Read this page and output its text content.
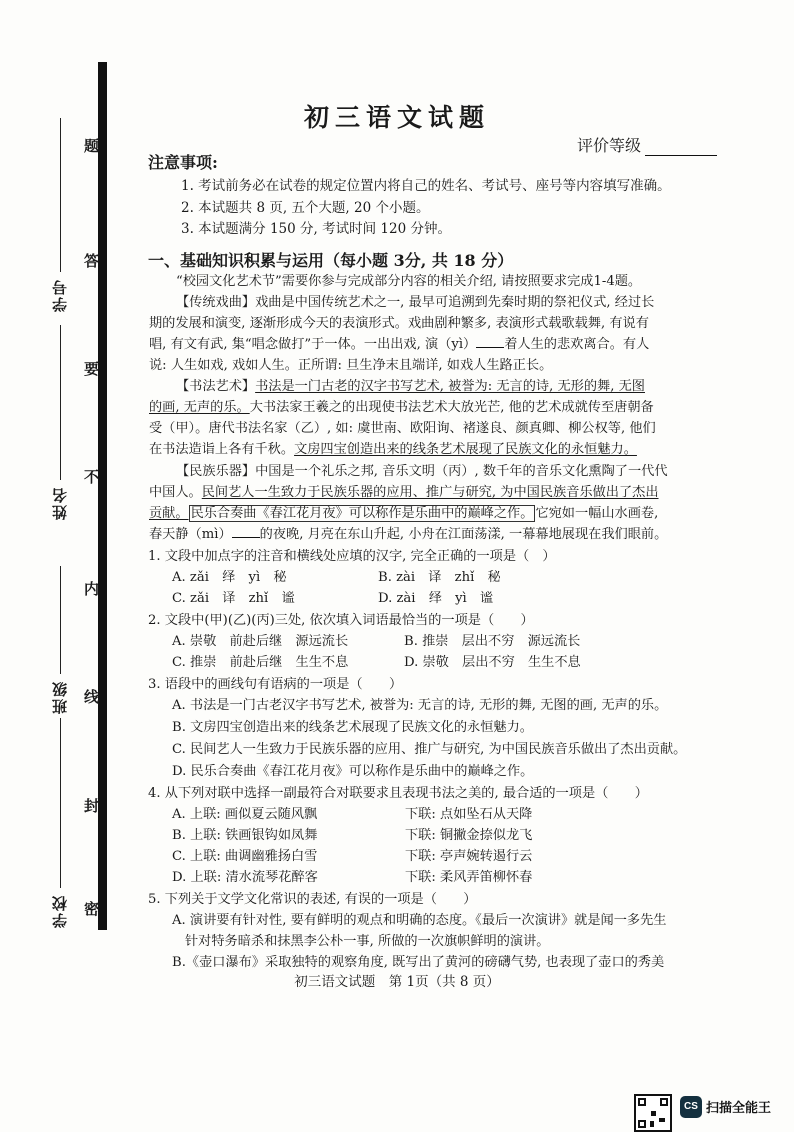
学号
姓名
班级
学校
题
答
要
不
内
线
封
密
初三语文试题
评价等级
注意事项:
1. 考试前务必在试卷的规定位置内将自己的姓名、考试号、座号等内容填写准确。
2. 本试题共 8 页, 五个大题, 20 个小题。
3. 本试题满分 150 分, 考试时间 120 分钟。
一、基础知识积累与运用（每小题 3分, 共 18 分）
“校园文化艺术节”需要你参与完成部分内容的相关介绍, 请按照要求完成1-4题。
【传统戏曲】戏曲是中国传统艺术之一, 最早可追溯到先秦时期的祭祀仪式, 经过长
期的发展和演变, 逐渐形成今天的表演形式。戏曲剧种繁多, 表演形式载歌载舞, 有说有
唱, 有文有武, 集“唱念做打”于一体。一出出戏, 演（yì） 着人生的悲欢离合。有人
说: 人生如戏, 戏如人生。正所谓: 旦生净末且端详, 如戏人生路正长。
【书法艺术】书法是一门古老的汉字书写艺术, 被誉为: 无言的诗, 无形的舞, 无图
的画, 无声的乐。大书法家王羲之的出现使书法艺术大放光芒, 他的艺术成就传至唐朝备
受（甲）。唐代书法名家（乙）, 如: 虞世南、欧阳询、褚遂良、颜真卿、柳公权等, 他们
在书法造诣上各有千秋。文房四宝创造出来的线条艺术展现了民族文化的永恒魅力。
【民族乐器】中国是一个礼乐之邦, 音乐文明（丙）, 数千年的音乐文化熏陶了一代代
中国人。民间艺人一生致力于民族乐器的应用、推广与研究, 为中国民族音乐做出了杰出
贡献。 民乐合奏曲《春江花月夜》可以称作是乐曲中的巅峰之作。 它宛如一幅山水画卷,
春天静（mì） 的夜晚, 月亮在东山升起, 小舟在江面荡漾, 一幕幕地展现在我们眼前。
1. 文段中加点字的注音和横线处应填的汉字, 完全正确的一项是（　）
A. zǎi　绎　yì　秘	B. zài　译　zhǐ　秘
C. zǎi　译　zhǐ　谧	D. zài　绎　yì　谧
2. 文段中(甲)(乙)(丙)三处, 依次填入词语最恰当的一项是（　　）
A. 崇敬　前赴后继　源远流长	B. 推崇　层出不穷　源远流长
C. 推崇　前赴后继　生生不息	D. 崇敬　层出不穷　生生不息
3. 语段中的画线句有语病的一项是（　　）
A. 书法是一门古老汉字书写艺术, 被誉为: 无言的诗, 无形的舞, 无图的画, 无声的乐。
B. 文房四宝创造出来的线条艺术展现了民族文化的永恒魅力。
C. 民间艺人一生致力于民族乐器的应用、推广与研究, 为中国民族音乐做出了杰出贡献。
D. 民乐合奏曲《春江花月夜》可以称作是乐曲中的巅峰之作。
4. 从下列对联中选择一副最符合对联要求且表现书法之美的, 最合适的一项是（　　）
A. 上联: 画似夏云随风飘	下联: 点如坠石从天降
B. 上联: 铁画银钩如凤舞	下联: 铜撇金捺似龙飞
C. 上联: 曲调幽雅扬白雪	下联: 亭声婉转遏行云
D. 上联: 清水流琴花醉客	下联: 柔风弄笛柳怀春
5. 下列关于文学文化常识的表述, 有误的一项是（　　）
A. 演讲要有针对性, 要有鲜明的观点和明确的态度。《最后一次演讲》就是闻一多先生
针对特务暗杀和抹黑李公朴一事, 所做的一次旗帜鲜明的演讲。
B.《壶口瀑布》采取独特的观察角度, 既写出了黄河的磅礴气势, 也表现了壶口的秀美
初三语文试题　第 1页（共 8 页）
CS 扫描全能王
